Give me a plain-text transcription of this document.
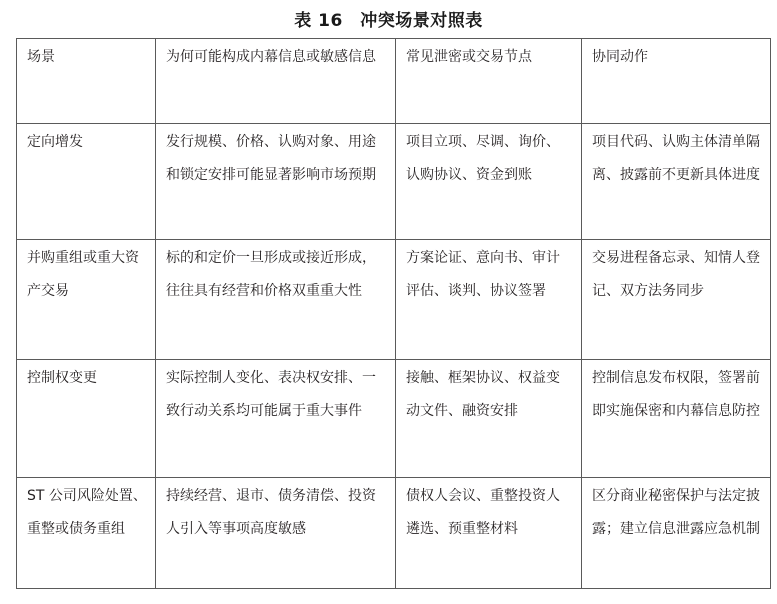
表 16　冲突场景对照表
场景	为何可能构成内幕信息或敏感信息	常见泄密或交易节点	协同动作
定向增发	发行规模、价格、认购对象、用途和锁定安排可能显著影响市场预期	项目立项、尽调、询价、认购协议、资金到账	项目代码、认购主体清单隔离、披露前不更新具体进度
并购重组或重大资产交易	标的和定价一旦形成或接近形成，往往具有经营和价格双重重大性	方案论证、意向书、审计评估、谈判、协议签署	交易进程备忘录、知情人登记、双方法务同步
控制权变更	实际控制人变化、表决权安排、一致行动关系均可能属于重大事件	接触、框架协议、权益变动文件、融资安排	控制信息发布权限，签署前即实施保密和内幕信息防控
ST 公司风险处置、重整或债务重组	持续经营、退市、债务清偿、投资人引入等事项高度敏感	债权人会议、重整投资人遴选、预重整材料	区分商业秘密保护与法定披露；建立信息泄露应急机制
